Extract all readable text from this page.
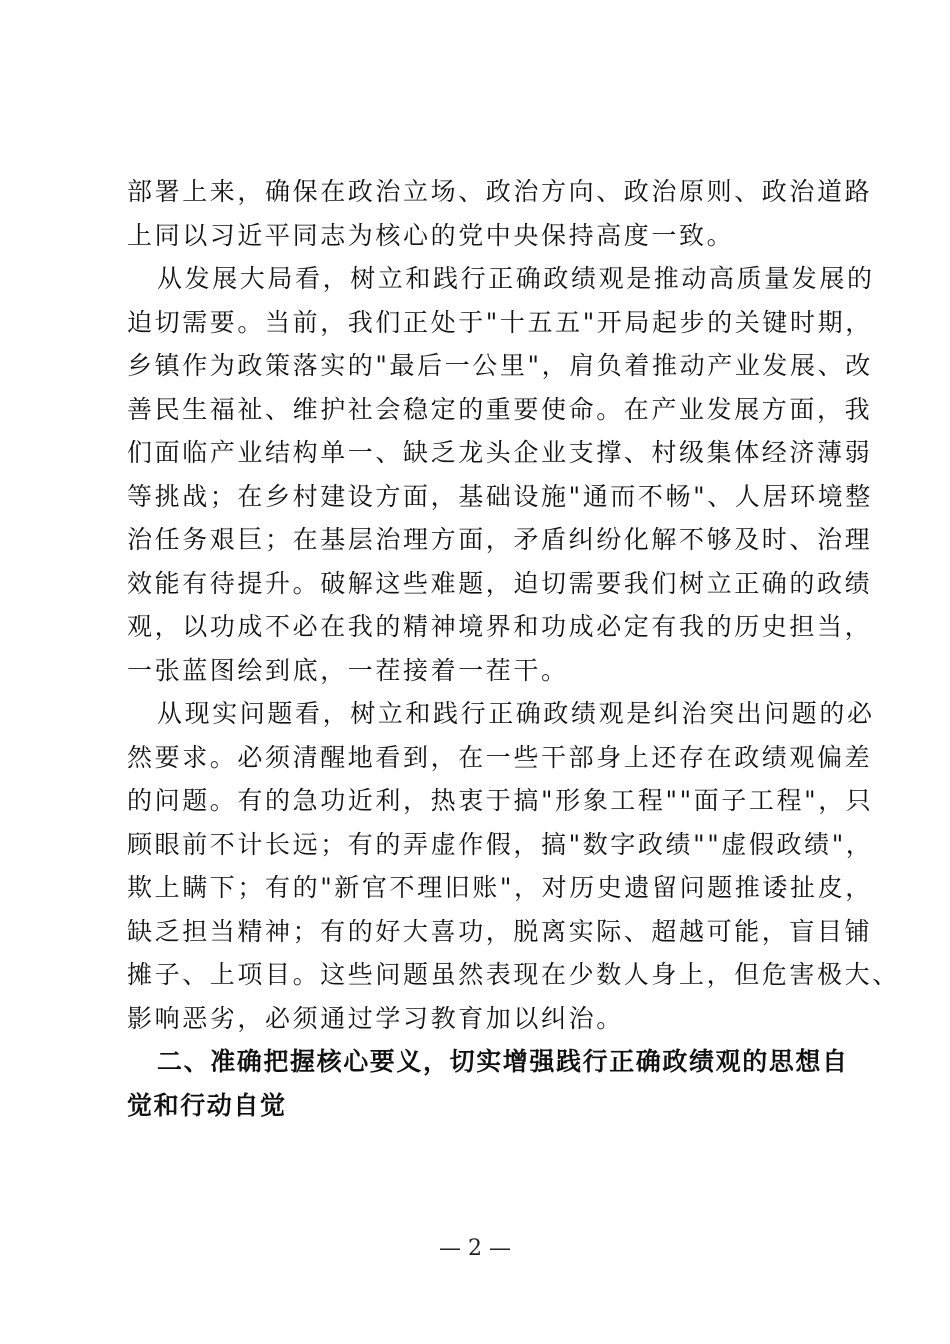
部署上来，确保在政治立场、政治方向、政治原则、政治道路
上同以习近平同志为核心的党中央保持高度一致。
从发展大局看，树立和践行正确政绩观是推动高质量发展的
迫切需要。当前，我们正处于"十五五"开局起步的关键时期，
乡镇作为政策落实的"最后一公里"，肩负着推动产业发展、改
善民生福祉、维护社会稳定的重要使命。在产业发展方面，我
们面临产业结构单一、缺乏龙头企业支撑、村级集体经济薄弱
等挑战；在乡村建设方面，基础设施"通而不畅"、人居环境整
治任务艰巨；在基层治理方面，矛盾纠纷化解不够及时、治理
效能有待提升。破解这些难题，迫切需要我们树立正确的政绩
观，以功成不必在我的精神境界和功成必定有我的历史担当，
一张蓝图绘到底，一茬接着一茬干。
从现实问题看，树立和践行正确政绩观是纠治突出问题的必
然要求。必须清醒地看到，在一些干部身上还存在政绩观偏差
的问题。有的急功近利，热衷于搞"形象工程""面子工程"，只
顾眼前不计长远；有的弄虚作假，搞"数字政绩""虚假政绩"，
欺上瞒下；有的"新官不理旧账"，对历史遗留问题推诿扯皮，
缺乏担当精神；有的好大喜功，脱离实际、超越可能，盲目铺
摊子、上项目。这些问题虽然表现在少数人身上，但危害极大、
影响恶劣，必须通过学习教育加以纠治。
二、准确把握核心要义，切实增强践行正确政绩观的思想自
觉和行动自觉
— 2 —
